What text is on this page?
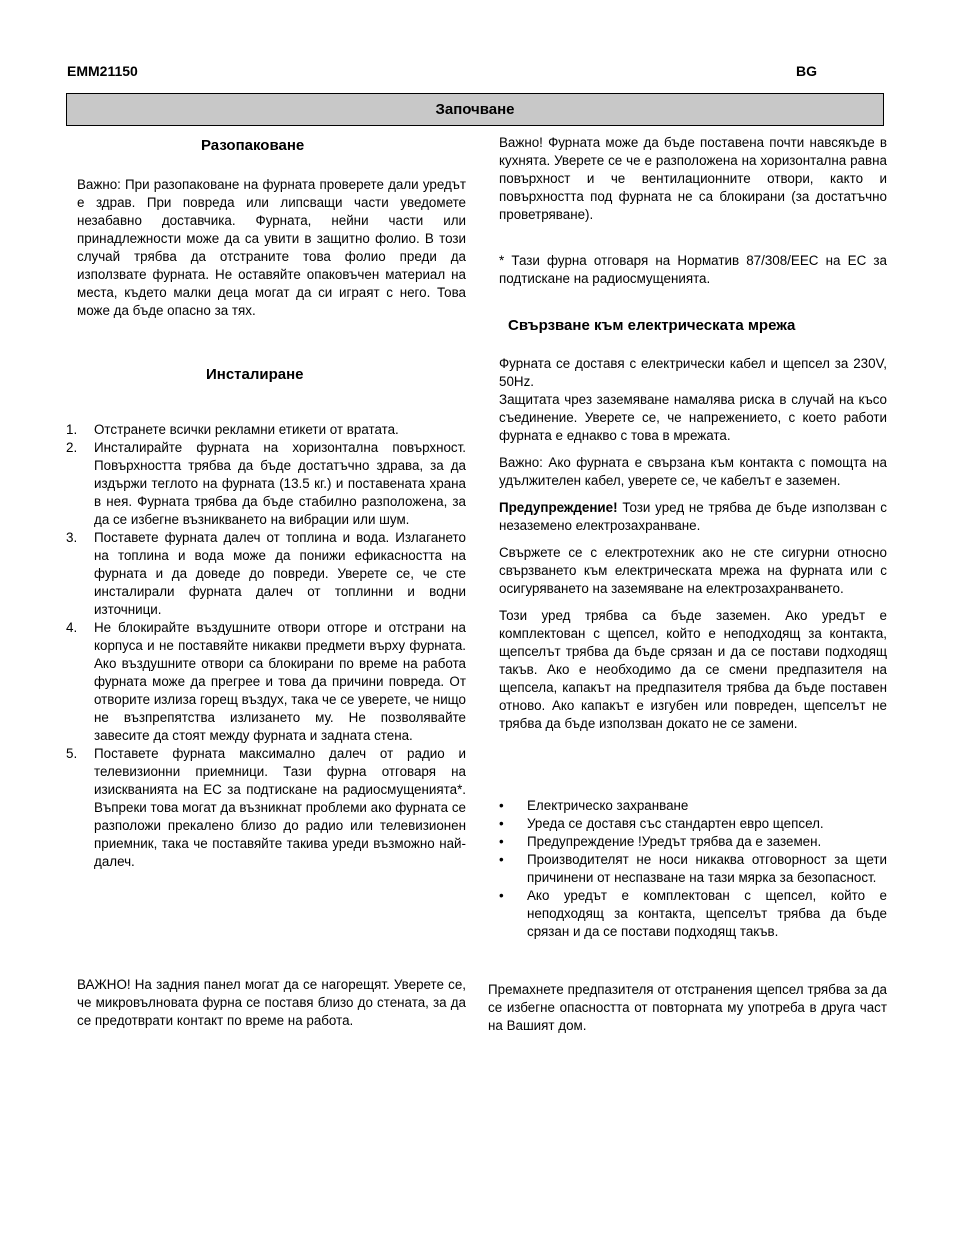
EMM21150	BG
Започване
Разопаковане

Важно: При разопаковане на фурната проверете дали уредът е здрав. При повреда или липсващи части уведомете незабавно доставчика. Фурната, нейни части или принадлежности може да са увити в защитно фолио. В този случай трябва да отстраните това фолио преди да използвате фурната. Не оставяйте опаковъчен материал на места, където малки деца могат да си играят с него. Това може да бъде опасно за тях.

Инсталиране
1. Отстранете всички рекламни етикети от вратата.
2. Инсталирайте фурната на хоризонтална повърхност. Повърхността трябва да бъде достатъчно здрава, за да издържи теглото на фурната (13.5 кг.) и поставената храна в нея. Фурната трябва да бъде стабилно разположена, за да се избегне възникването на вибрации или шум.
3. Поставете фурната далеч от топлина и вода. Излагането на топлина и вода може да понижи ефикасността на фурната и да доведе до повреди. Уверете се, че сте инсталирали фурната далеч от топлинни и водни източници.
4. Не блокирайте въздушните отвори отгоре и отстрани на корпуса и не поставяйте никакви предмети върху фурната. Ако въздушните отвори са блокирани по време на работа фурната може да прегрее и това да причини повреда. От отворите излиза горещ въздух, така че се уверете, че нищо не възпрепятства излизането му. Не позволявайте завесите да стоят между фурната и задната стена.
5. Поставете фурната максимално далеч от радио и телевизионни приемници. Тази фурна отговаря на изискванията на ЕС за подтискане на радиосмущенията*. Въпреки това могат да възникнат проблеми ако фурната се разположи прекалено близо до радио или телевизионен приемник, така че поставяйте такива уреди възможно най-далеч.

ВАЖНО! На задния панел могат да се нагорещят. Уверете се, че микровълновата фурна се поставя близо до стената, за да се предотврати контакт по време на работа.

Важно! Фурната може да бъде поставена почти навсякъде в кухнята. Уверете се че е разположена на хоризонтална равна повърхност и че вентилационните отвори, както и повърхността под фурната не са блокирани (за достатъчно проветряване).

* Тази фурна отговаря на Норматив 87/308/EEC на ЕС за подтискане на радиосмущенията.

Свързване към електрическата мрежа

Фурната се доставя с електрически кабел и щепсел за 230V, 50Hz.

Защитата чрез заземяване намалява риска в случай на късо съединение. Уверете се, че напрежението, с което работи фурната е еднакво с това в мрежата.

Важно: Ако фурната е свързана към контакта с помощта на удължителен кабел, уверете се, че кабелът е заземен.

Предупреждение! Този уред не трябва де бъде използван с незаземено електрозахранване.

Свържете се с електротехник ако не сте сигурни относно свързването към електрическата мрежа на фурната или с осигуряването на заземяване на електрозахранването.

Този уред трябва са бъде заземен. Ако уредът е комплектован с щепсел, който е неподходящ за контакта, щепселът трябва да бъде срязан и да се постави подходящ такъв. Ако е необходимо да се смени предпазителя на щепсела, капакът на предпазителя трябва да бъде поставен отново. Ако капакът е изгубен или повреден, щепселът не трябва да бъде използван докато не се замени.

• Електрическо захранване
• Уреда се доставя със стандартен евро щепсел.
• Предупреждение !Уредът трябва да е заземен.
• Производителят не носи никаква отговорност за щети причинени от неспазване на тази мярка за безопасност.
• Ако уредът е комплектован с щепсел, който е неподходящ за контакта, щепселът трябва да бъде срязан и да се постави подходящ такъв.

Премахнете предпазителя от отстранения щепсел трябва за да се избегне опасността от повторната му употреба в друга част на Вашият дом.
